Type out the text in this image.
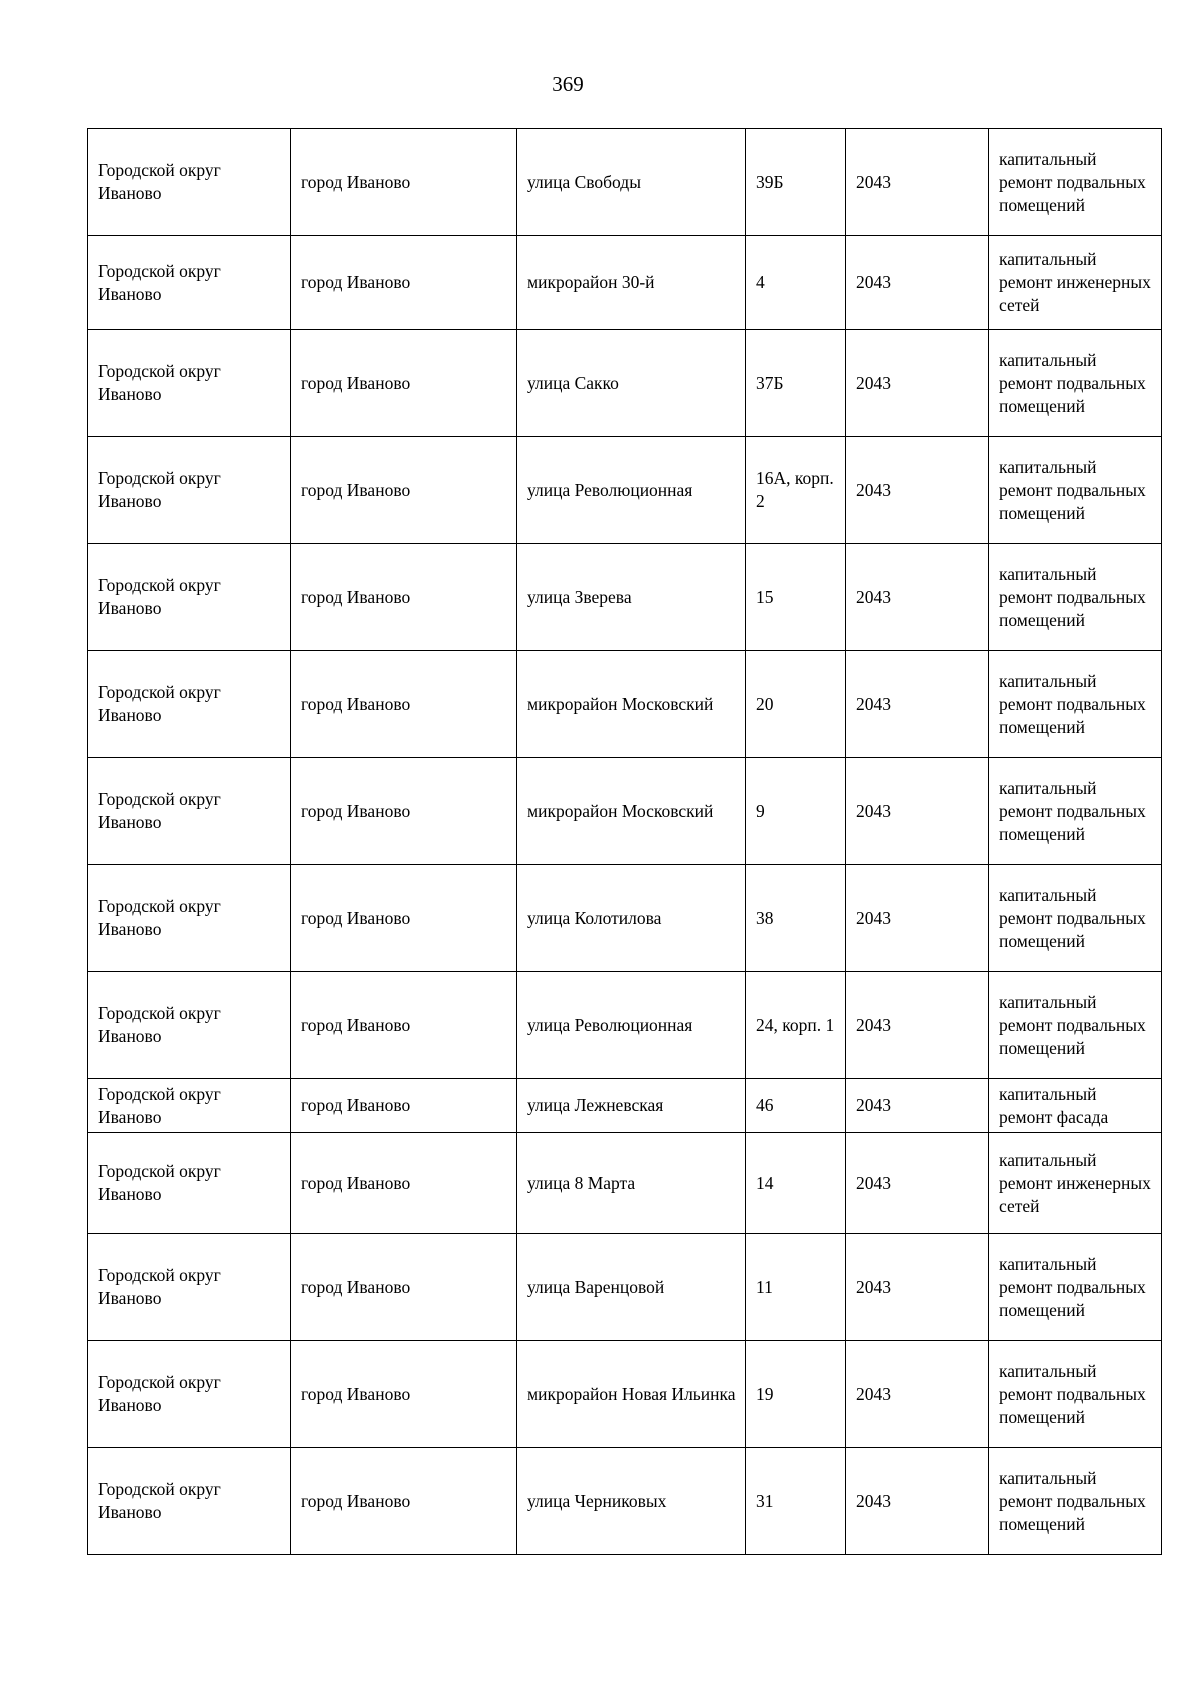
369
Городской округ Иваново	город Иваново	улица Свободы	39Б	2043	капитальный ремонт подвальных помещений
Городской округ Иваново	город Иваново	микрорайон 30-й	4	2043	капитальный ремонт инженерных сетей
Городской округ Иваново	город Иваново	улица Сакко	37Б	2043	капитальный ремонт подвальных помещений
Городской округ Иваново	город Иваново	улица Революционная	16А, корп. 2	2043	капитальный ремонт подвальных помещений
Городской округ Иваново	город Иваново	улица Зверева	15	2043	капитальный ремонт подвальных помещений
Городской округ Иваново	город Иваново	микрорайон Московский	20	2043	капитальный ремонт подвальных помещений
Городской округ Иваново	город Иваново	микрорайон Московский	9	2043	капитальный ремонт подвальных помещений
Городской округ Иваново	город Иваново	улица Колотилова	38	2043	капитальный ремонт подвальных помещений
Городской округ Иваново	город Иваново	улица Революционная	24, корп. 1	2043	капитальный ремонт подвальных помещений
Городской округ Иваново	город Иваново	улица Лежневская	46	2043	капитальный ремонт фасада
Городской округ Иваново	город Иваново	улица 8 Марта	14	2043	капитальный ремонт инженерных сетей
Городской округ Иваново	город Иваново	улица Варенцовой	11	2043	капитальный ремонт подвальных помещений
Городской округ Иваново	город Иваново	микрорайон Новая Ильинка	19	2043	капитальный ремонт подвальных помещений
Городской округ Иваново	город Иваново	улица Черниковых	31	2043	капитальный ремонт подвальных помещений
